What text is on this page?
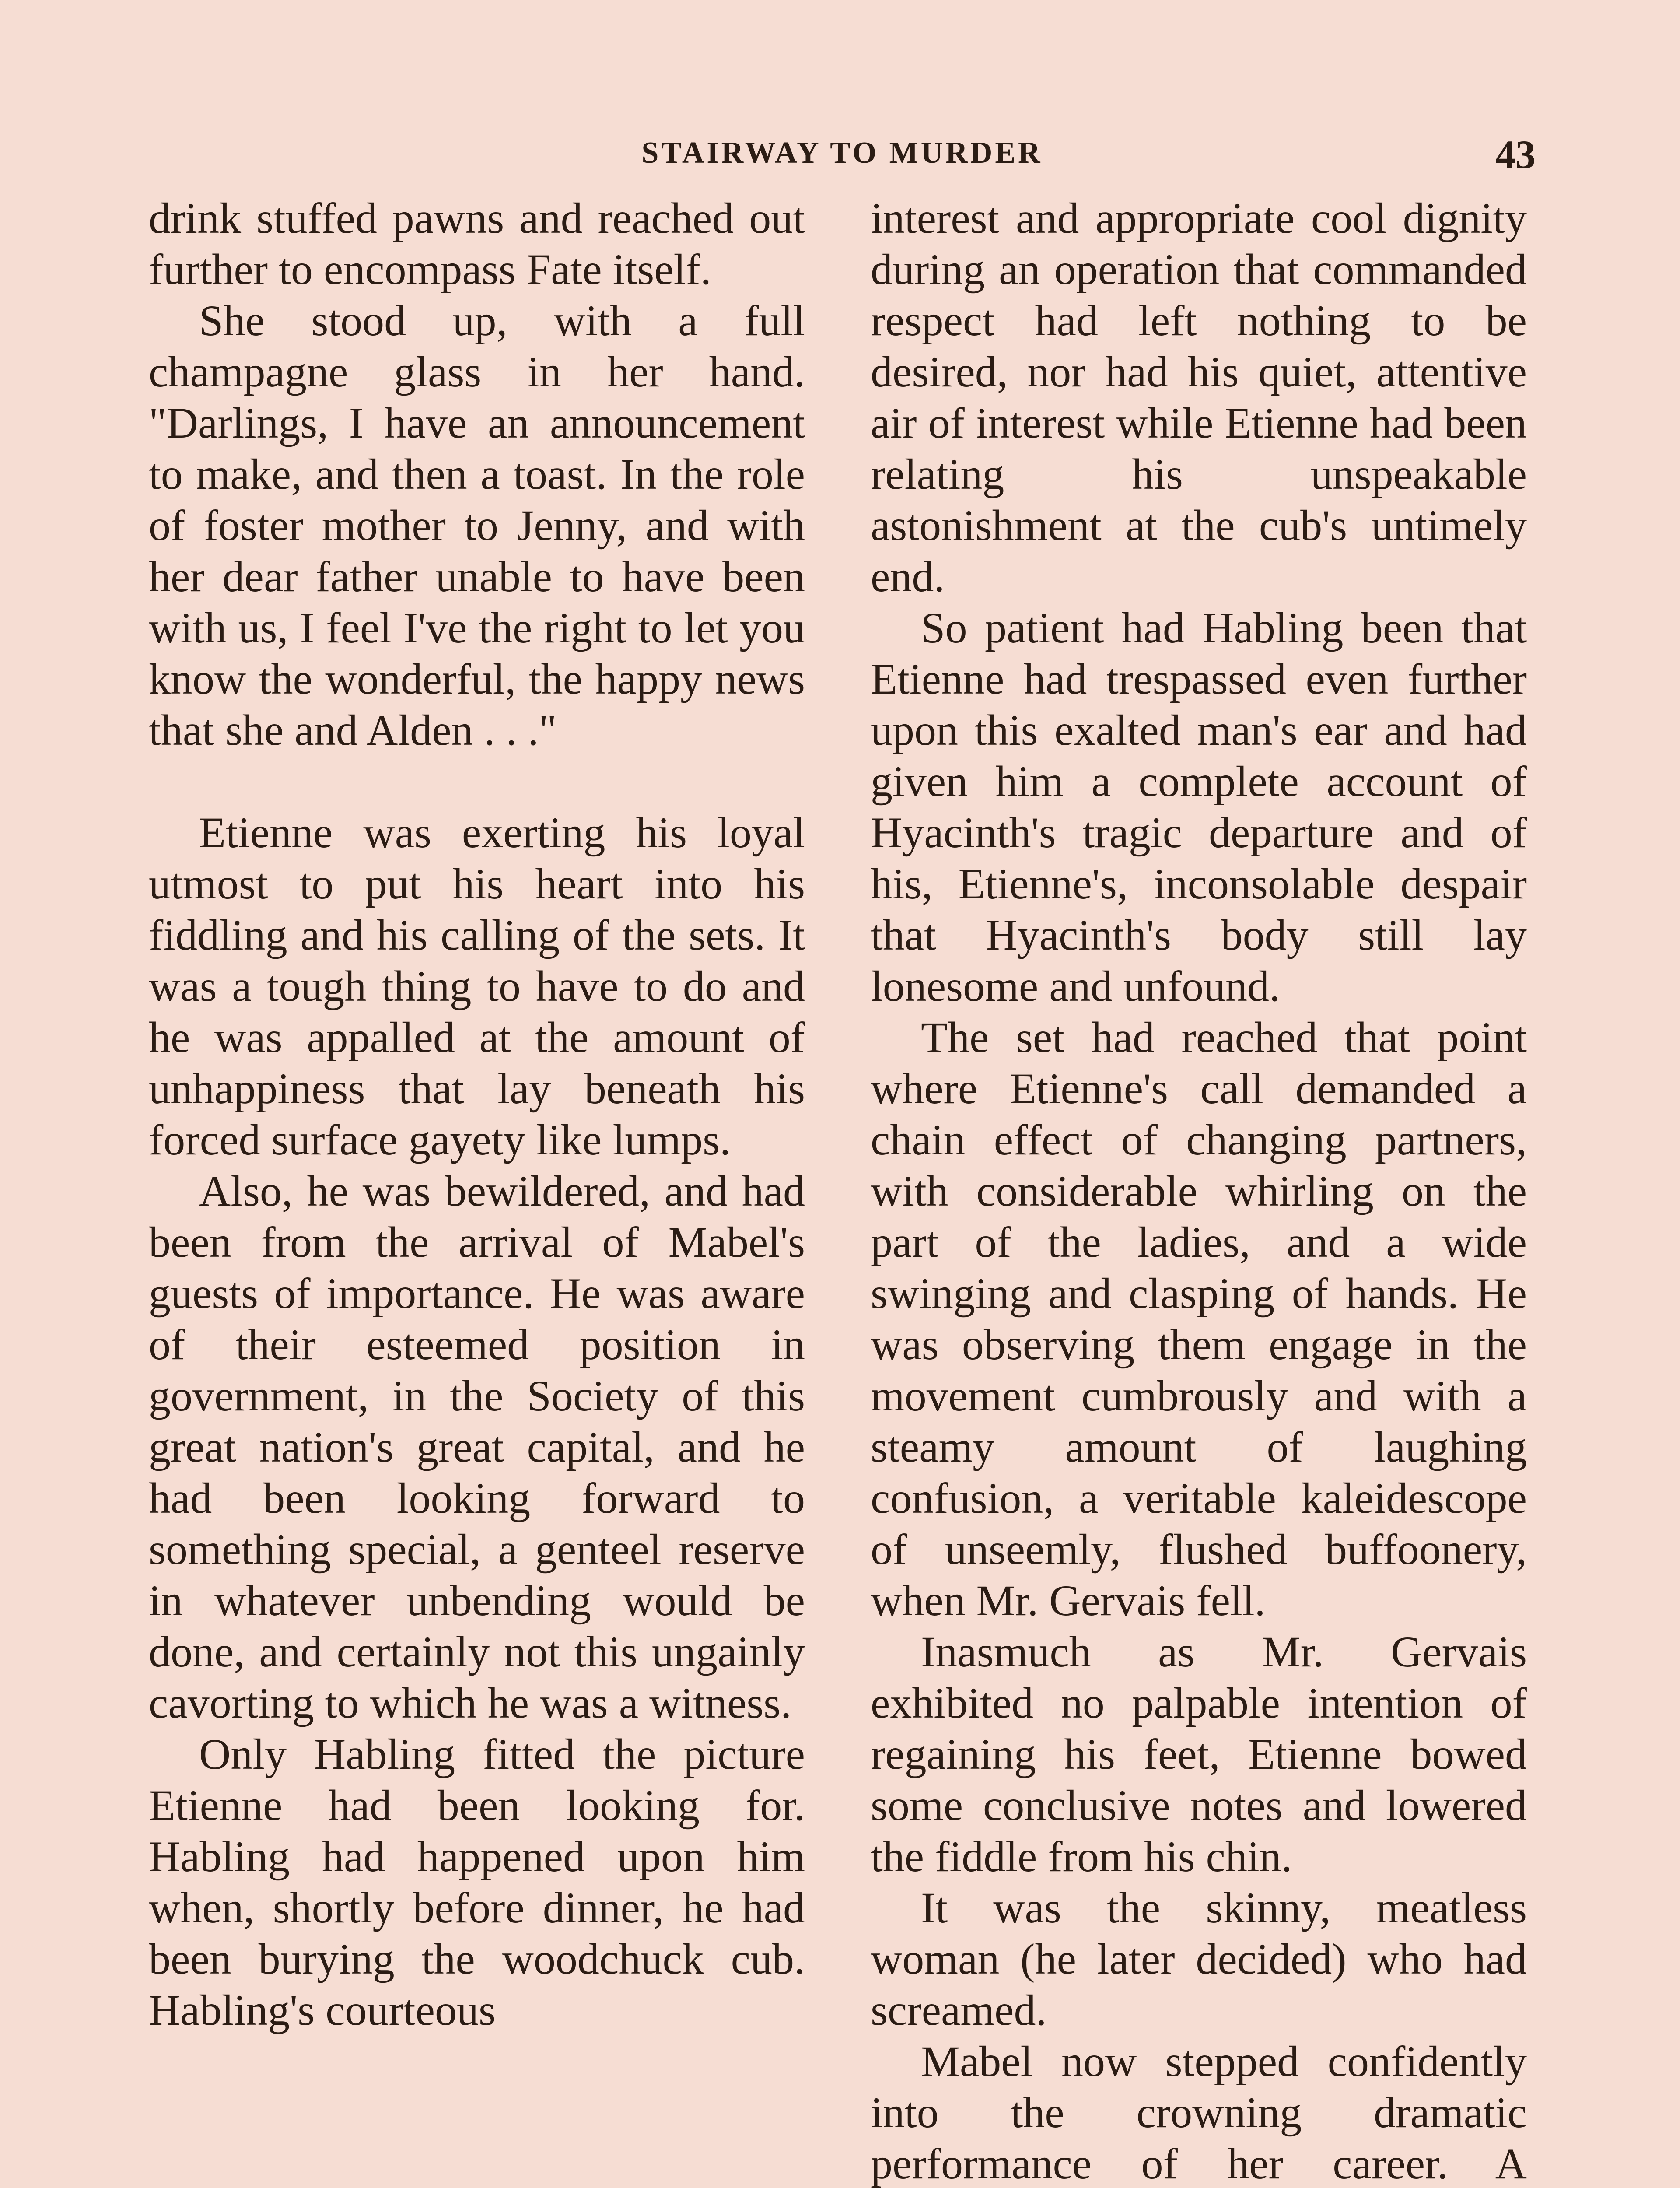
STAIRWAY TO MURDER	43

drink stuffed pawns and reached out further to encompass Fate itself.

She stood up, with a full champagne glass in her hand. "Darlings, I have an announcement to make, and then a toast. In the role of foster mother to Jenny, and with her dear father unable to have been with us, I feel I've the right to let you know the wonderful, the happy news that she and Alden . . ."

Etienne was exerting his loyal utmost to put his heart into his fiddling and his calling of the sets. It was a tough thing to have to do and he was appalled at the amount of unhappiness that lay beneath his forced surface gayety like lumps.

Also, he was bewildered, and had been from the arrival of Mabel's guests of importance. He was aware of their esteemed position in government, in the Society of this great nation's great capital, and he had been looking forward to something special, a genteel reserve in whatever unbending would be done, and certainly not this ungainly cavorting to which he was a witness.

Only Habling fitted the picture Etienne had been looking for. Habling had happened upon him when, shortly before dinner, he had been burying the woodchuck cub. Habling's courteous

interest and appropriate cool dignity during an operation that commanded respect had left nothing to be desired, nor had his quiet, attentive air of interest while Etienne had been relating his unspeakable astonishment at the cub's untimely end.

So patient had Habling been that Etienne had trespassed even further upon this exalted man's ear and had given him a complete account of Hyacinth's tragic departure and of his, Etienne's, inconsolable despair that Hyacinth's body still lay lonesome and unfound.

The set had reached that point where Etienne's call demanded a chain effect of changing partners, with considerable whirling on the part of the ladies, and a wide swinging and clasping of hands. He was observing them engage in the movement cumbrously and with a steamy amount of laughing confusion, a veritable kaleidescope of unseemly, flushed buffoonery, when Mr. Gervais fell.

Inasmuch as Mr. Gervais exhibited no palpable intention of regaining his feet, Etienne bowed some conclusive notes and lowered the fiddle from his chin.

It was the skinny, meatless woman (he later decided) who had screamed.

Mabel now stepped confidently into the crowning dramatic performance of her career. A
